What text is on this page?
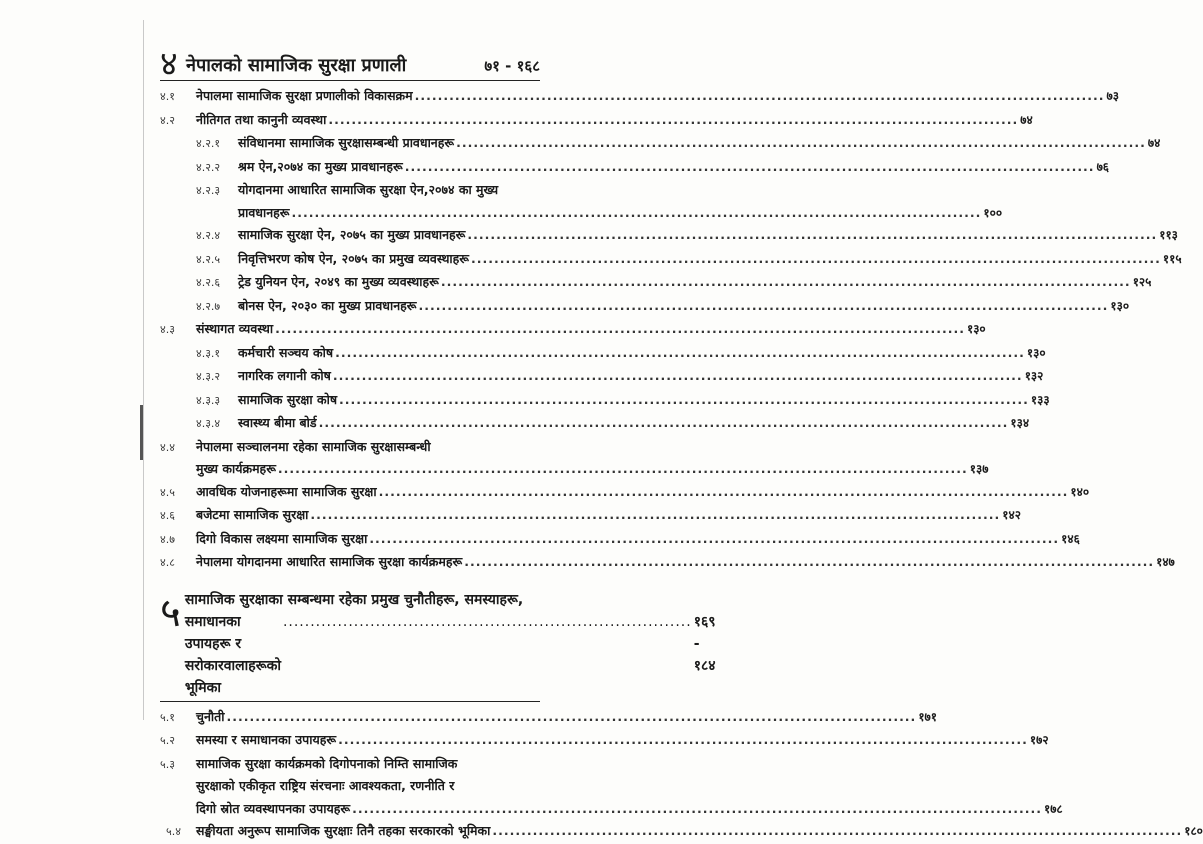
४ नेपालको सामाजिक सुरक्षा प्रणाली	७१ - १६८
४.१	नेपालमा सामाजिक सुरक्षा प्रणालीको विकासक्रम .....	७३
४.२	नीतिगत तथा कानुनी व्यवस्था .....	७४
४.२.१	संविधानमा सामाजिक सुरक्षासम्बन्धी प्रावधानहरू .....	७४
४.२.२	श्रम ऐन,२०७४ का मुख्य प्रावधानहरू .....	७६
४.२.३	योगदानमा आधारित सामाजिक सुरक्षा ऐन,२०७४ का मुख्य
प्रावधानहरू .....	१००
४.२.४	सामाजिक सुरक्षा ऐन, २०७५ का मुख्य प्रावधानहरू .....	११३
४.२.५	निवृत्तिभरण कोष ऐन, २०७५ का प्रमुख व्यवस्थाहरू .....	११५
४.२.६	ट्रेड युनियन ऐन, २०४९ का मुख्य व्यवस्थाहरू .....	१२५
४.२.७	बोनस ऐन, २०३० का मुख्य प्रावधानहरू .....	१३०
४.३	संस्थागत व्यवस्था .....	१३०
४.३.१	कर्मचारी सञ्चय कोष .....	१३०
४.३.२	नागरिक लगानी कोष .....	१३२
४.३.३	सामाजिक सुरक्षा कोष .....	१३३
४.३.४	स्वास्थ्य बीमा बोर्ड .....	१३४
४.४	नेपालमा सञ्चालनमा रहेका सामाजिक सुरक्षासम्बन्धी
मुख्य कार्यक्रमहरू .....	१३७
४.५	आवधिक योजनाहरूमा सामाजिक सुरक्षा .....	१४०
४.६	बजेटमा सामाजिक सुरक्षा .....	१४२
४.७	दिगो विकास लक्ष्यमा सामाजिक सुरक्षा .....	१४६
४.८	नेपालमा योगदानमा आधारित सामाजिक सुरक्षा कार्यक्रमहरू .....	१४७
५ सामाजिक सुरक्षाका सम्बन्धमा रहेका प्रमुख चुनौतीहरू, समस्याहरू,
समाधानका उपायहरू र सरोकारवालाहरूको भूमिका
.....
१६९ - १८४
५.१	चुनौती .....	१७१
५.२	समस्या र समाधानका उपायहरू .....	१७२
५.३	सामाजिक सुरक्षा कार्यक्रमको दिगोपनाको निम्ति सामाजिक
सुरक्षाको एकीकृत राष्ट्रिय संरचनाः आवश्यकता, रणनीति र
दिगो स्रोत व्यवस्थापनका उपायहरू .....	१७८
५.४	सङ्घीयता अनुरूप सामाजिक सुरक्षाः तिनै तहका सरकारको भूमिका .....	१८०
